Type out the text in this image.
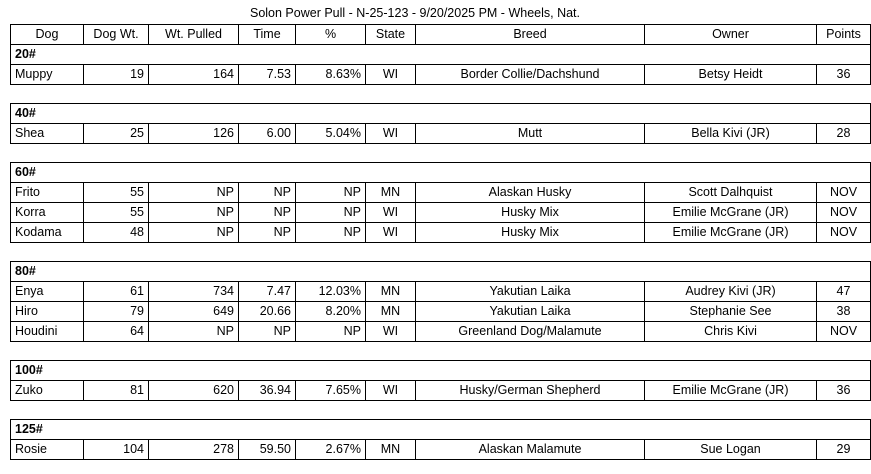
Solon Power Pull - N-25-123 - 9/20/2025 PM - Wheels, Nat.
Dog	Dog Wt.	Wt. Pulled	Time	%	State	Breed	Owner	Points
20#								
Muppy	19	164	7.53	8.63%	WI	Border Collie/Dachshund	Betsy Heidt	36

40#								
Shea	25	126	6.00	5.04%	WI	Mutt	Bella Kivi (JR)	28

60#								
Frito	55	NP	NP	NP	MN	Alaskan Husky	Scott Dalhquist	NOV
Korra	55	NP	NP	NP	WI	Husky Mix	Emilie McGrane (JR)	NOV
Kodama	48	NP	NP	NP	WI	Husky Mix	Emilie McGrane (JR)	NOV

80#								
Enya	61	734	7.47	12.03%	MN	Yakutian Laika	Audrey Kivi (JR)	47
Hiro	79	649	20.66	8.20%	MN	Yakutian Laika	Stephanie See	38
Houdini	64	NP	NP	NP	WI	Greenland Dog/Malamute	Chris Kivi	NOV

100#								
Zuko	81	620	36.94	7.65%	WI	Husky/German Shepherd	Emilie McGrane (JR)	36

125#								
Rosie	104	278	59.50	2.67%	MN	Alaskan Malamute	Sue Logan	29
